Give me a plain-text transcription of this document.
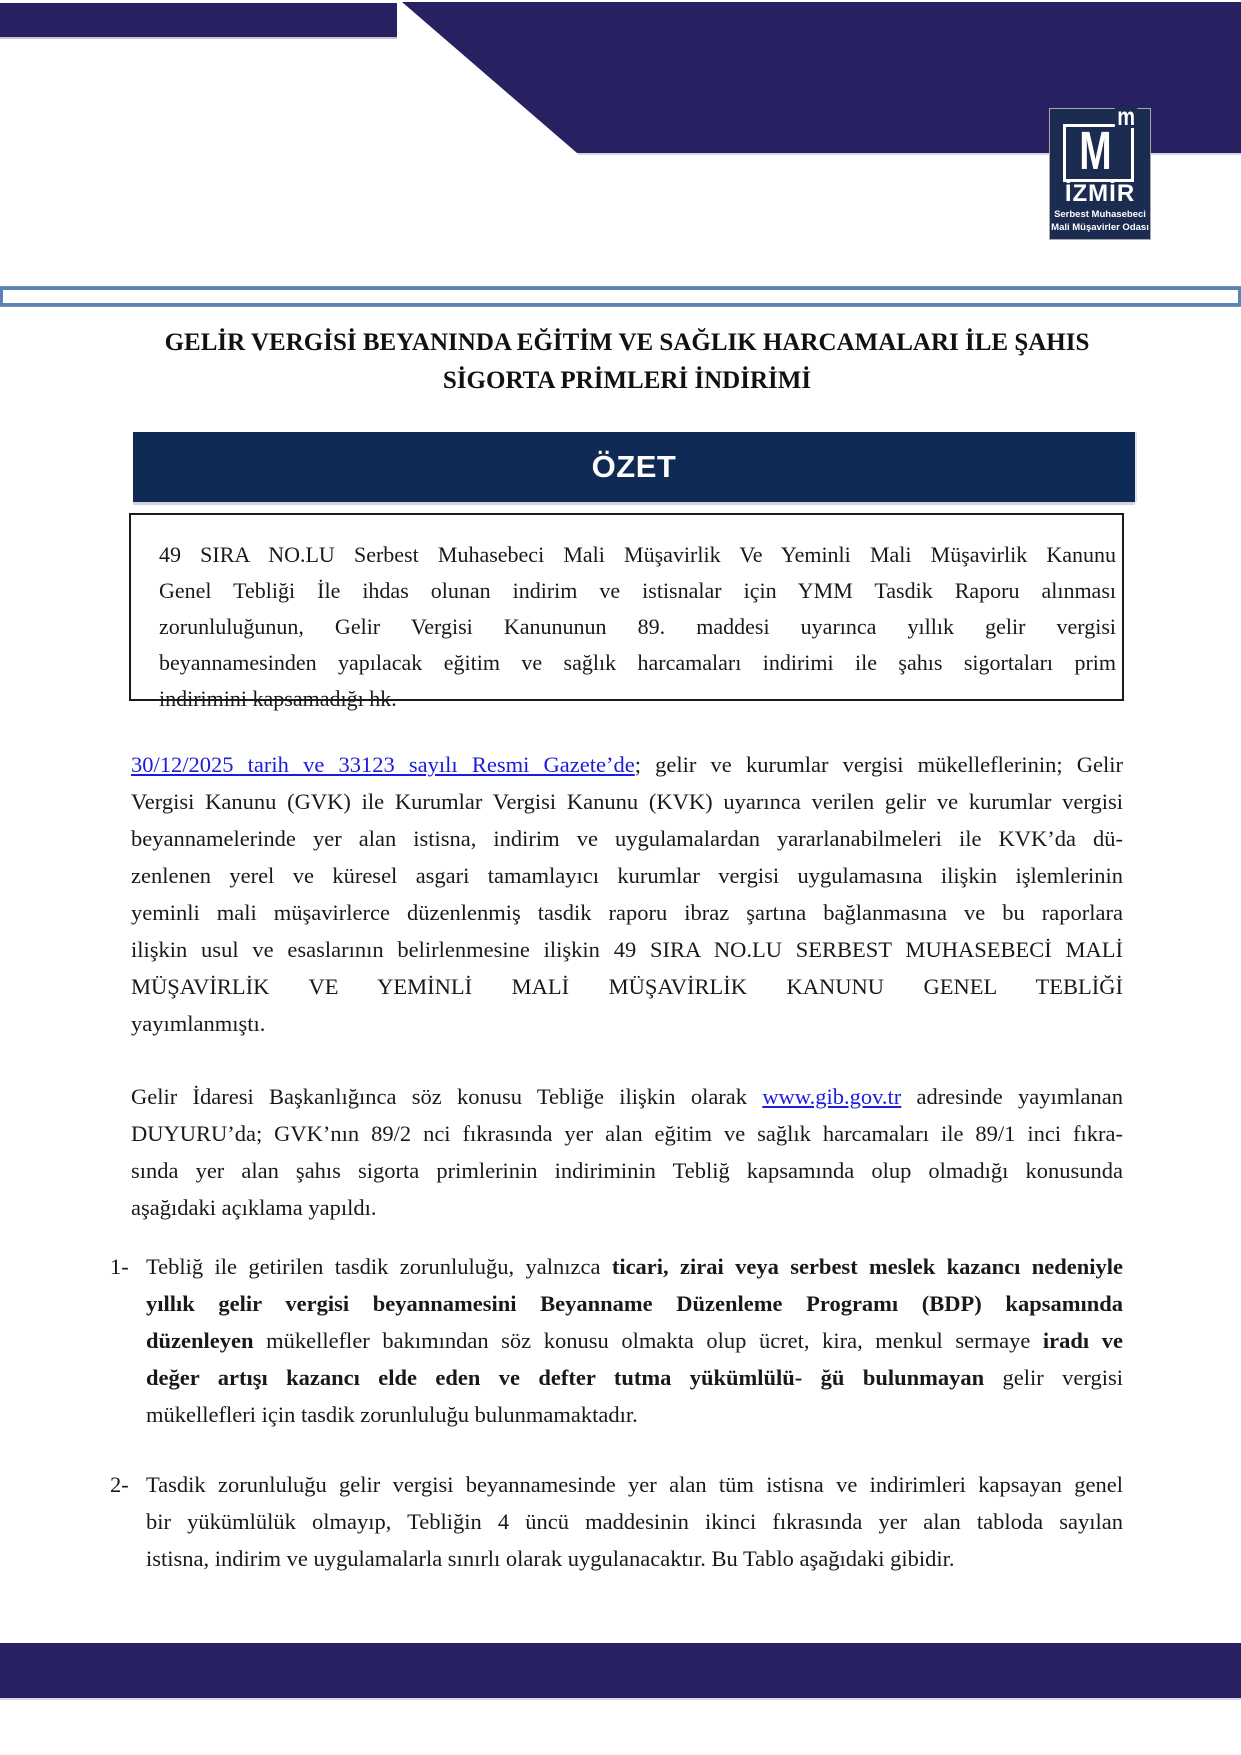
M
m
İZMİR
Serbest Muhasebeci
Mali Müşavirler Odası
GELİR VERGİSİ BEYANINDA EĞİTİM VE SAĞLIK HARCAMALARI İLE ŞAHIS
SİGORTA PRİMLERİ İNDİRİMİ
ÖZET
49 SIRA NO.LU Serbest Muhasebeci Mali Müşavirlik Ve Yeminli Mali Müşavirlik Kanunu
Genel Tebliği İle ihdas olunan indirim ve istisnalar için YMM Tasdik Raporu alınması
zorunluluğunun, Gelir Vergisi Kanununun 89. maddesi uyarınca yıllık gelir vergisi
beyannamesinden yapılacak eğitim ve sağlık harcamaları indirimi ile şahıs sigortaları prim
indirimini kapsamadığı hk.
30/12/2025 tarih ve 33123 sayılı Resmi Gazete’de; gelir ve kurumlar vergisi mükelleflerinin; Gelir
Vergisi Kanunu (GVK) ile Kurumlar Vergisi Kanunu (KVK) uyarınca verilen gelir ve kurumlar vergisi
beyannamelerinde yer alan istisna, indirim ve uygulamalardan yararlanabilmeleri ile KVK’da dü-
zenlenen yerel ve küresel asgari tamamlayıcı kurumlar vergisi uygulamasına ilişkin işlemlerinin
yeminli mali müşavirlerce düzenlenmiş tasdik raporu ibraz şartına bağlanmasına ve bu raporlara
ilişkin usul ve esaslarının belirlenmesine ilişkin 49 SIRA NO.LU SERBEST MUHASEBECİ MALİ
MÜŞAVİRLİK VE YEMİNLİ MALİ MÜŞAVİRLİK KANUNU GENEL TEBLİĞİ
yayımlanmıştı.
Gelir İdaresi Başkanlığınca söz konusu Tebliğe ilişkin olarak www.gib.gov.tr adresinde yayımlanan
DUYURU’da; GVK’nın 89/2 nci fıkrasında yer alan eğitim ve sağlık harcamaları ile 89/1 inci fıkra-
sında yer alan şahıs sigorta primlerinin indiriminin Tebliğ kapsamında olup olmadığı konusunda
aşağıdaki açıklama yapıldı.
1- Tebliğ ile getirilen tasdik zorunluluğu, yalnızca ticari, zirai veya serbest meslek kazancı nedeniyle
yıllık gelir vergisi beyannamesini Beyanname Düzenleme Programı (BDP) kapsamında
düzenleyen mükellefler bakımından söz konusu olmakta olup ücret, kira, menkul sermaye iradı ve
değer artışı kazancı elde eden ve defter tutma yükümlülü- ğü bulunmayan gelir vergisi
mükellefleri için tasdik zorunluluğu bulunmamaktadır.
2- Tasdik zorunluluğu gelir vergisi beyannamesinde yer alan tüm istisna ve indirimleri kapsayan genel
bir yükümlülük olmayıp, Tebliğin 4 üncü maddesinin ikinci fıkrasında yer alan tabloda sayılan
istisna, indirim ve uygulamalarla sınırlı olarak uygulanacaktır. Bu Tablo aşağıdaki gibidir.
